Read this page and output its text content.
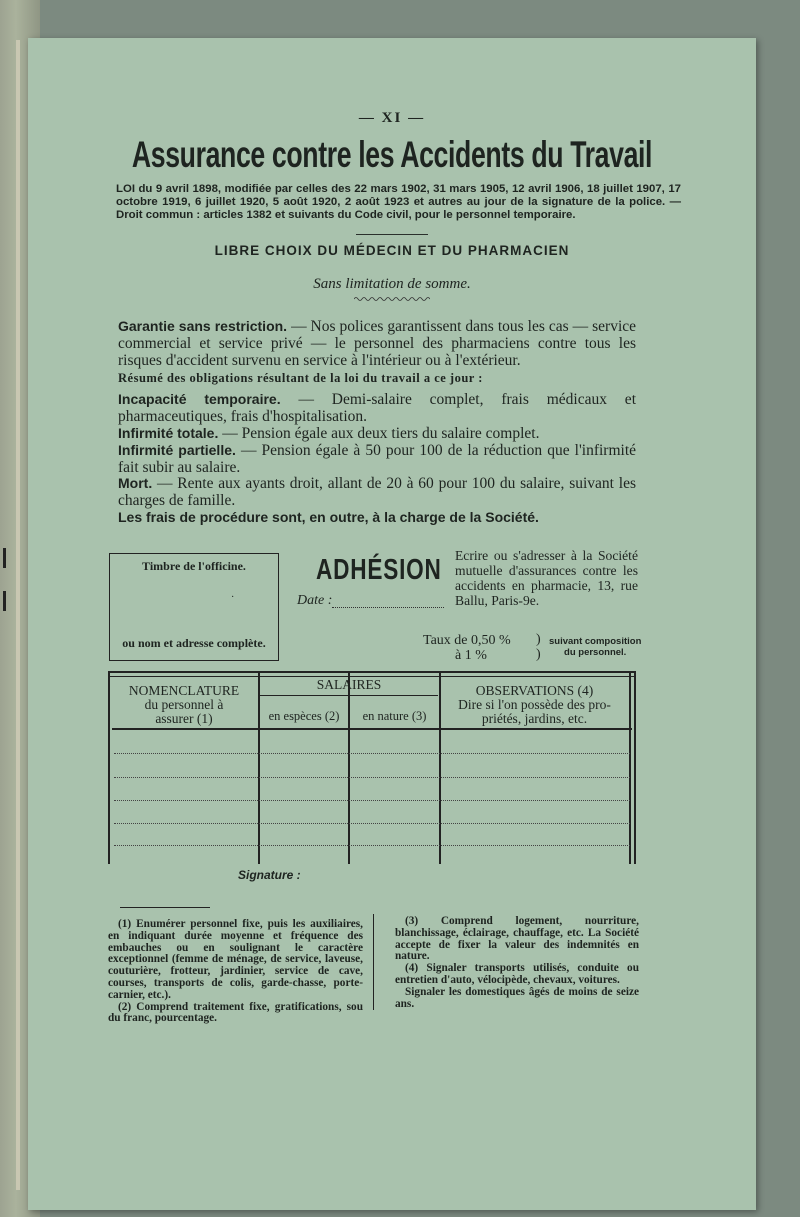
— XI —
Assurance contre les Accidents du Travail
LOI du 9 avril 1898, modifiée par celles des 22 mars 1902, 31 mars 1905, 12 avril 1906, 18 juillet 1907, 17 octobre 1919, 6 juillet 1920, 5 août 1920, 2 août 1923 et autres au jour de la signature de la police. — Droit commun : articles 1382 et suivants du Code civil, pour le personnel temporaire.
LIBRE CHOIX DU MÉDECIN ET DU PHARMACIEN
Sans limitation de somme.
Garantie sans restriction. — Nos polices garantissent dans tous les cas — service commercial et service privé — le personnel des pharmaciens contre tous les risques d'accident survenu en service à l'intérieur ou à l'extérieur.
Résumé des obligations résultant de la loi du travail a ce jour :
Incapacité temporaire. — Demi-salaire complet, frais médicaux et pharmaceutiques, frais d'hospitalisation.
Infirmité totale. — Pension égale aux deux tiers du salaire complet.
Infirmité partielle. — Pension égale à 50 pour 100 de la réduction que l'infirmité fait subir au salaire.
Mort. — Rente aux ayants droit, allant de 20 à 60 pour 100 du salaire, suivant les charges de famille.
Les frais de procédure sont, en outre, à la charge de la Société.
Timbre de l'officine.
·
ou nom et adresse complète.
ADHÉSION
Date :
Ecrire ou s'adresser à la Société mutuelle d'assurances contre les accidents en pharmacie, 13, rue Ballu, Paris-9e.
Taux de 0,50 %
à 1 %
)
)
suivant composition
du personnel.
NOMENCLATURE
du personnel à
assurer (1)
SALAIRES
en espèces (2)	en nature (3)
OBSERVATIONS (4)
Dire si l'on possède des pro-
priétés, jardins, etc.
Signature :
(1) Enumérer personnel fixe, puis les auxiliaires, en indiquant durée moyenne et fréquence des embauches ou en soulignant le caractère exceptionnel (femme de ménage, de service, laveuse, couturière, frotteur, jardinier, service de cave, courses, transports de colis, garde-chasse, porte-carnier, etc.).
(2) Comprend traitement fixe, gratifications, sou du franc, pourcentage.
(3) Comprend logement, nourriture, blanchissage, éclairage, chauffage, etc. La Société accepte de fixer la valeur des indemnités en nature.
(4) Signaler transports utilisés, conduite ou entretien d'auto, vélocipède, chevaux, voitures.
Signaler les domestiques âgés de moins de seize ans.
